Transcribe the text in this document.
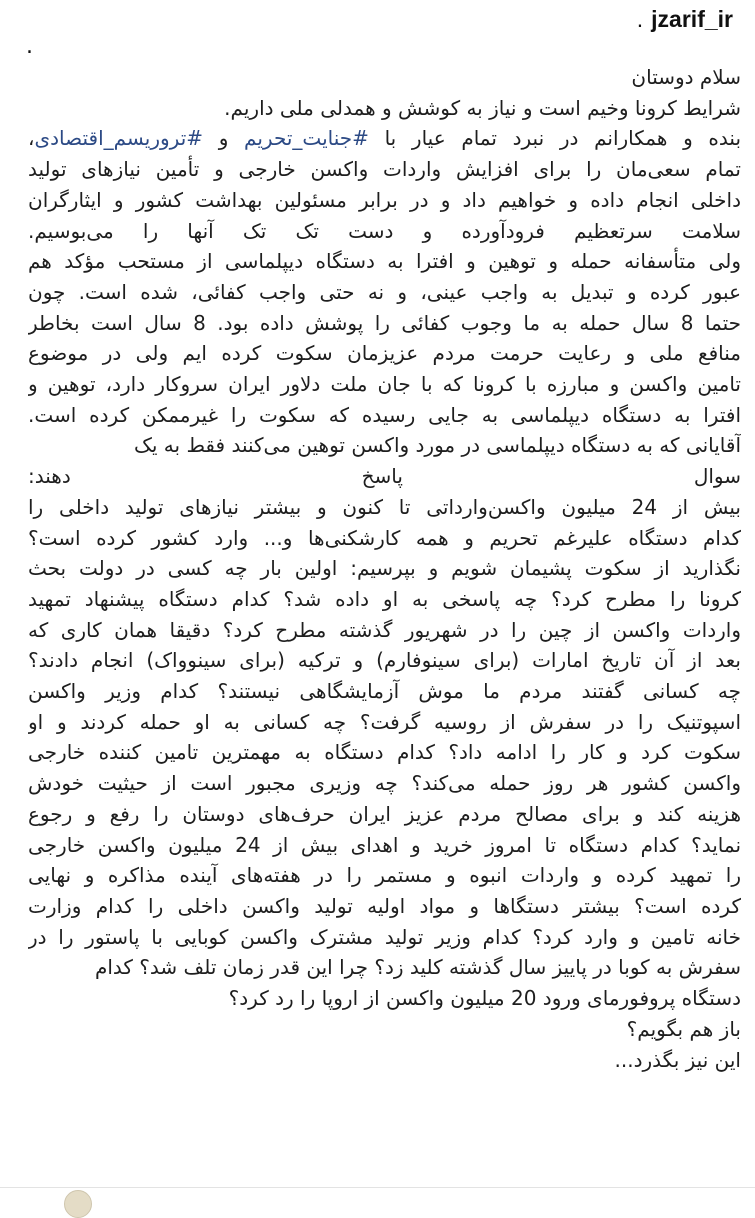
. jzarif_ir
.
سلام دوستان
شرایط کرونا وخیم است و نیاز به کوشش و همدلی ملی داریم.
بنده و همکارانم در نبرد تمام عیار با #جنایت_تحریم و #تروریسم_اقتصادی،
تمام سعی‌مان را برای افزایش واردات واکسن خارجی و تأمین نیازهای تولید
داخلی انجام داده و خواهیم داد و در برابر مسئولین بهداشت کشور و ایثارگران
سلامت سرتعظیم فرودآورده و دست تک تک آنها را می‌بوسیم.
ولی متأسفانه حمله و توهین و افترا به دستگاه دیپلماسی از مستحب مؤکد هم
عبور کرده و تبدیل به واجب عینی، و نه حتی واجب کفائی، شده است. چون
حتما 8 سال حمله به ما وجوب کفائی را پوشش داده بود. 8 سال است بخاطر
منافع ملی و رعایت حرمت مردم عزیزمان سکوت کرده ایم ولی در موضوع
تامین واکسن و مبارزه با کرونا که با جان ملت دلاور ایران سروکار دارد، توهین و
افترا به دستگاه دیپلماسی به جایی رسیده که سکوت را غیرممکن کرده است.
آقایانی که به دستگاه دیپلماسی در مورد واکسن توهین می‌کنند فقط به یک
سوال پاسخ دهند:
بیش از 24 میلیون واکسن‌وارداتی تا کنون و بیشتر نیازهای تولید داخلی را
کدام دستگاه علیرغم تحریم و همه کارشکنی‌ها و... وارد کشور کرده است؟
نگذارید از سکوت پشیمان شویم و بپرسیم: اولین بار چه کسی در دولت بحث
کرونا را مطرح کرد؟ چه پاسخی به او داده شد؟ کدام دستگاه پیشنهاد تمهید
واردات واکسن از چین را در شهریور گذشته مطرح کرد؟ دقیقا همان کاری که
بعد از آن تاریخ امارات (برای سینوفارم) و ترکیه (برای سینوواک) انجام دادند؟
چه کسانی گفتند مردم ما موش آزمایشگاهی نیستند؟ کدام وزیر واکسن
اسپوتنیک را در سفرش از روسیه گرفت؟ چه کسانی به او حمله کردند و او
سکوت کرد و کار را ادامه داد؟ کدام دستگاه به مهمترین تامین کننده خارجی
واکسن کشور هر روز حمله می‌کند؟ چه وزیری مجبور است از حیثیت خودش
هزینه کند و برای مصالح مردم عزیز ایران حرف‌های دوستان را رفع و رجوع
نماید؟ کدام دستگاه تا امروز خرید و اهدای بیش از 24 میلیون واکسن خارجی
را تمهید کرده و واردات انبوه و مستمر را در هفته‌های آینده مذاکره و نهایی
کرده است؟ بیشتر دستگاها و مواد اولیه تولید واکسن داخلی را کدام وزارت
خانه تامین و وارد کرد؟ کدام وزیر تولید مشترک واکسن کوبایی با پاستور را در
سفرش به کوبا در پاییز سال گذشته کلید زد؟ چرا این قدر زمان تلف شد؟ کدام
دستگاه پروفورمای ورود 20 میلیون واکسن از اروپا را رد کرد؟
باز هم بگویم؟
این نیز بگذرد...
